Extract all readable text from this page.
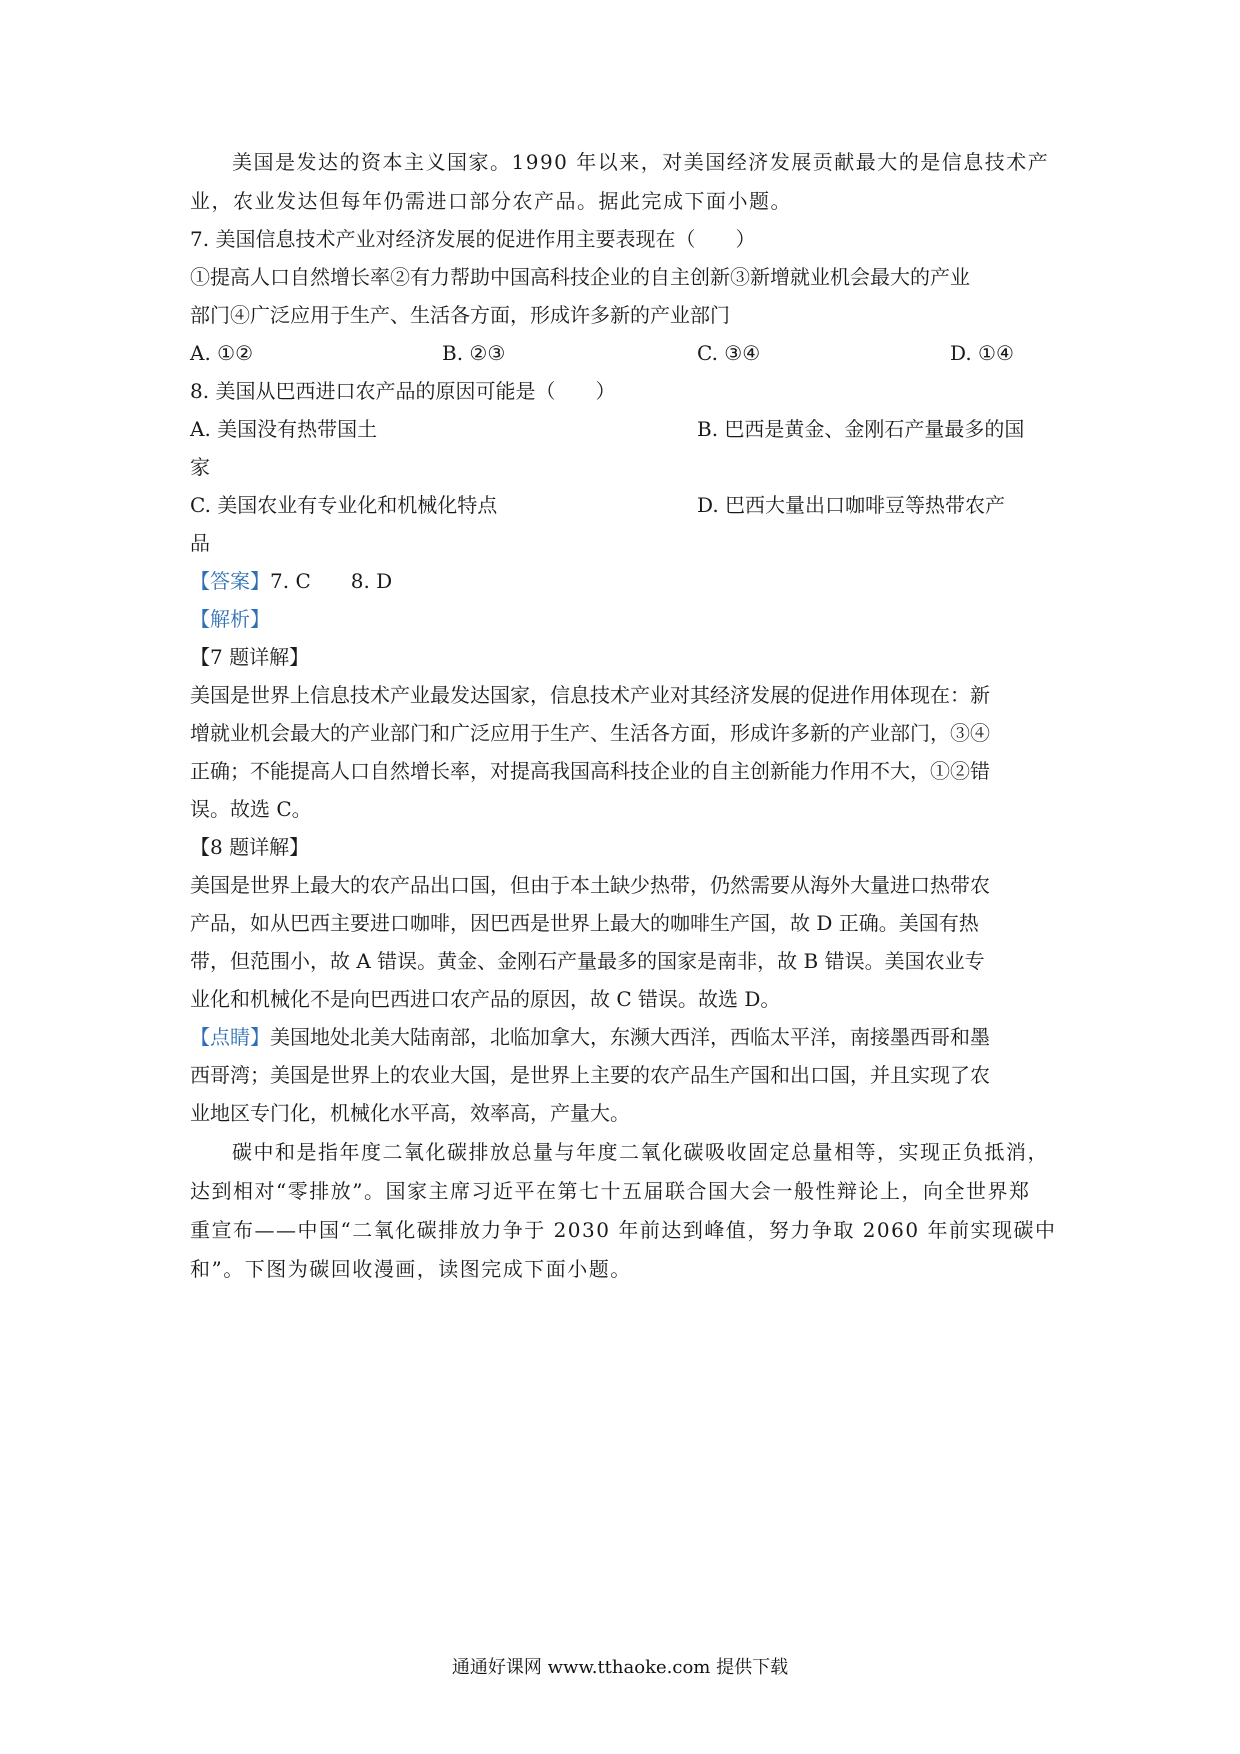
美国是发达的资本主义国家。1990 年以来，对美国经济发展贡献最大的是信息技术产
业，农业发达但每年仍需进口部分农产品。据此完成下面小题。
7. 美国信息技术产业对经济发展的促进作用主要表现在（　　）
①提高人口自然增长率②有力帮助中国高科技企业的自主创新③新增就业机会最大的产业
部门④广泛应用于生产、生活各方面，形成许多新的产业部门
A. ①②	B. ②③	C. ③④	D. ①④
8. 美国从巴西进口农产品的原因可能是（　　）
A. 美国没有热带国土	B. 巴西是黄金、金刚石产量最多的国
家
C. 美国农业有专业化和机械化特点	D. 巴西大量出口咖啡豆等热带农产
品
【答案】7. C　　8. D
【解析】
【7 题详解】
美国是世界上信息技术产业最发达国家，信息技术产业对其经济发展的促进作用体现在：新
增就业机会最大的产业部门和广泛应用于生产、生活各方面，形成许多新的产业部门，③④
正确；不能提高人口自然增长率，对提高我国高科技企业的自主创新能力作用不大，①②错
误。故选 C。
【8 题详解】
美国是世界上最大的农产品出口国，但由于本土缺少热带，仍然需要从海外大量进口热带农
产品，如从巴西主要进口咖啡，因巴西是世界上最大的咖啡生产国，故 D 正确。美国有热
带，但范围小，故 A 错误。黄金、金刚石产量最多的国家是南非，故 B 错误。美国农业专
业化和机械化不是向巴西进口农产品的原因，故 C 错误。故选 D。
【点睛】美国地处北美大陆南部，北临加拿大，东濒大西洋，西临太平洋，南接墨西哥和墨
西哥湾；美国是世界上的农业大国，是世界上主要的农产品生产国和出口国，并且实现了农
业地区专门化，机械化水平高，效率高，产量大。
碳中和是指年度二氧化碳排放总量与年度二氧化碳吸收固定总量相等，实现正负抵消，
达到相对“零排放”。国家主席习近平在第七十五届联合国大会一般性辩论上，向全世界郑
重宣布——中国“二氧化碳排放力争于 2030 年前达到峰值，努力争取 2060 年前实现碳中
和”。下图为碳回收漫画，读图完成下面小题。
通通好课网 www.tthaoke.com 提供下载
